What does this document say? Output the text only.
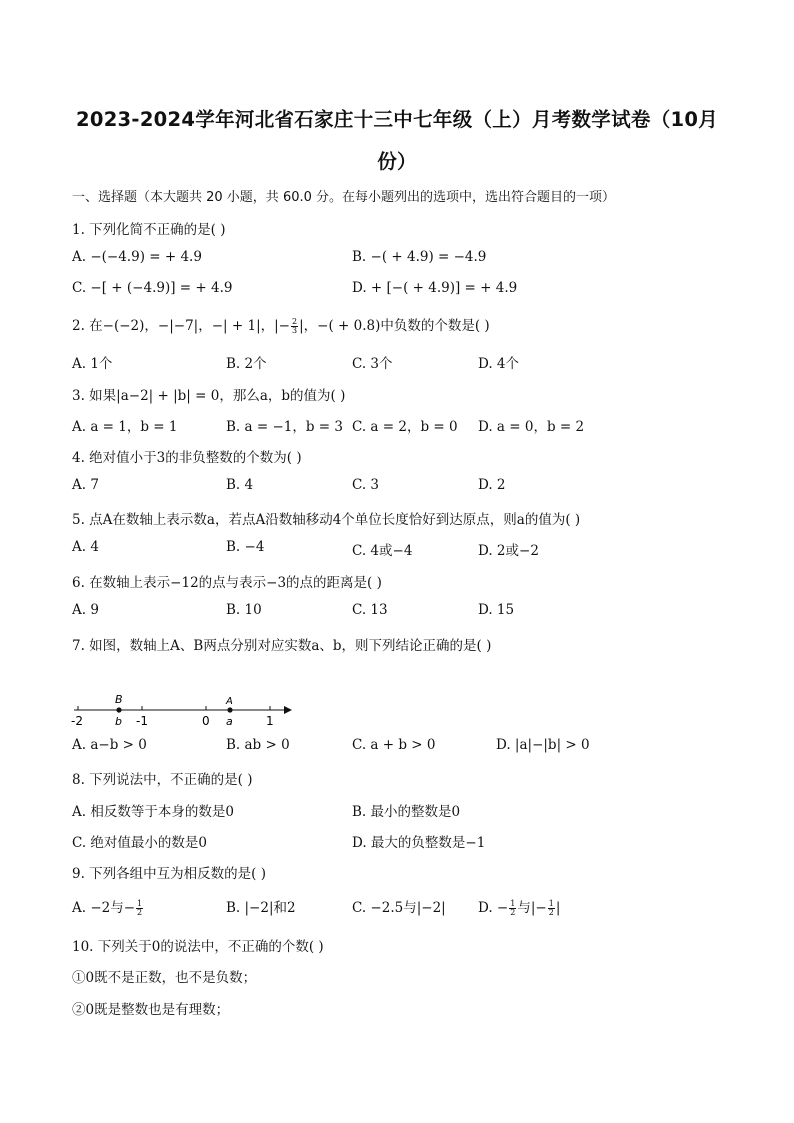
2023-2024学年河北省石家庄十三中七年级（上）月考数学试卷（10月
份）
一、选择题（本大题共 20 小题，共 60.0 分。在每小题列出的选项中，选出符合题目的一项）
1. 下列化简不正确的是( )
A. −(−4.9) = + 4.9	B. −( + 4.9) = −4.9
C. −[ + (−4.9)] = + 4.9	D. + [−( + 4.9)] = + 4.9
2. 在−(−2)，−|−7|，−| + 1|，|− $\frac{2}{3}$ |，−( + 0.8)中负数的个数是( )
A. 1个	B. 2个	C. 3个	D. 4个
3. 如果|a−2| + |b| = 0，那么a，b的值为( )
A. a = 1，b = 1	B. a = −1，b = 3 C. a = 2，b = 0 D. a = 0，b = 2
4. 绝对值小于3的非负整数的个数为( )
A. 7	B. 4	C. 3	D. 2
5. 点A在数轴上表示数a，若点A沿数轴移动4个单位长度恰好到达原点，则a的值为( )
A. 4	B. −4	C. 4或−4	D. 2或−2
6. 在数轴上表示−12的点与表示−3的点的距离是( )
A. 9	B. 10	C. 13	D. 15
7. 如图，数轴上A、B两点分别对应实数a、b，则下列结论正确的是( )
-2	-1	0	1
B
b
A
a
A. a−b > 0	B. ab > 0	C. a + b > 0	D. |a|−|b| > 0
8. 下列说法中，不正确的是( )
A. 相反数等于本身的数是0	B. 最小的整数是0
C. 绝对值最小的数是0	D. 最大的负整数是−1
9. 下列各组中互为相反数的是( )
A. −2与− $\frac{1}{2}$	B. |−2|和2	C. −2.5与|−2| D. − $\frac{1}{2}$ 与|− $\frac{1}{2}$ |
10. 下列关于0的说法中，不正确的个数( )
①0既不是正数，也不是负数；
②0既是整数也是有理数；
